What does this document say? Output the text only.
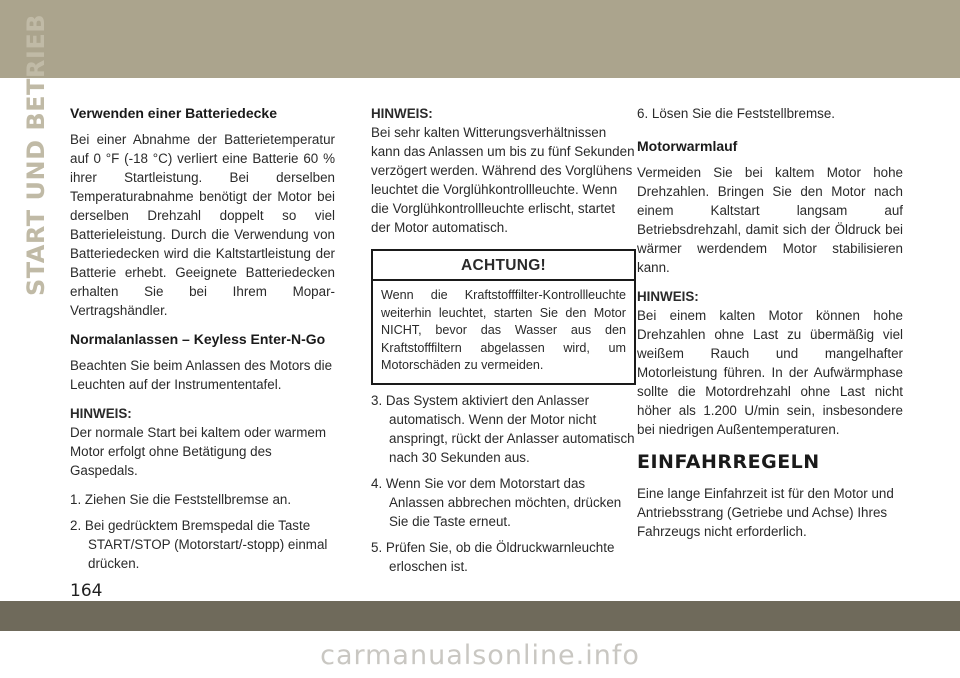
START UND BETRIEB Verwenden einer Batteriedecke

Bei einer Abnahme der Batterietemperatur auf 0 °F (-18 °C) verliert eine Batterie 60 % ihrer Startleistung. Bei derselben Temperaturabnahme benötigt der Motor bei derselben Drehzahl doppelt so viel Batterieleistung. Durch die Verwendung von Batteriedecken wird die Kaltstartleistung der Batterie erhebt. Geeignete Batteriedecken erhalten Sie bei Ihrem Mopar-Vertragshändler.

Normalanlassen – Keyless Enter-N-Go

Beachten Sie beim Anlassen des Motors die Leuchten auf der Instrumententafel.

HINWEIS:

Der normale Start bei kaltem oder warmem Motor erfolgt ohne Betätigung des Gaspedals.

1. Ziehen Sie die Feststellbremse an.
2. Bei gedrücktem Bremspedal die Taste START/STOP (Motorstart/-stopp) einmal drücken.
HINWEIS:

Bei sehr kalten Witterungsverhältnissen kann das Anlassen um bis zu fünf Sekunden verzögert werden. Während des Vorglühens leuchtet die Vorglühkontrollleuchte. Wenn die Vorglühkontrollleuchte erlischt, startet der Motor automatisch.

ACHTUNG!
Wenn die Kraftstofffilter-Kontrollleuchte weiterhin leuchtet, starten Sie den Motor NICHT, bevor das Wasser aus den Kraftstofffiltern abgelassen wird, um Motorschäden zu vermeiden.
3. Das System aktiviert den Anlasser automatisch. Wenn der Motor nicht anspringt, rückt der Anlasser automatisch nach 30 Sekunden aus.
4. Wenn Sie vor dem Motorstart das Anlassen abbrechen möchten, drücken Sie die Taste erneut.
5. Prüfen Sie, ob die Öldruckwarnleuchte erloschen ist.

6. Lösen Sie die Feststellbremse.

Motorwarmlauf

Vermeiden Sie bei kaltem Motor hohe Drehzahlen. Bringen Sie den Motor nach einem Kaltstart langsam auf Betriebsdrehzahl, damit sich der Öldruck bei wärmer werdendem Motor stabilisieren kann.

HINWEIS:

Bei einem kalten Motor können hohe Drehzahlen ohne Last zu übermäßig viel weißem Rauch und mangelhafter Motorleistung führen. In der Aufwärmphase sollte die Motordrehzahl ohne Last nicht höher als 1.200 U/min sein, insbesondere bei niedrigen Außentemperaturen.

EINFAHRREGELN

Eine lange Einfahrzeit ist für den Motor und Antriebsstrang (Getriebe und Achse) Ihres Fahrzeugs nicht erforderlich.

164
carmanualsonline.info
